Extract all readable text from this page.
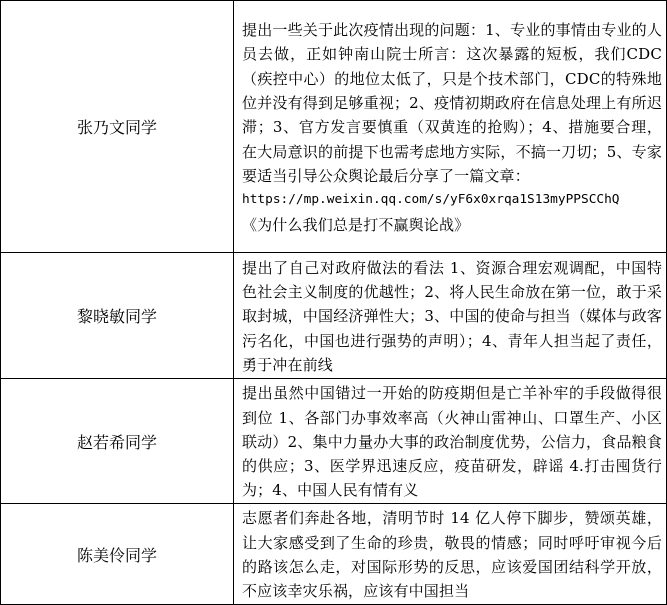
张乃文同学	提出一些关于此次疫情出现的问题：1、专业的事情由专业的人员去做，正如钟南山院士所言：这次暴露的短板，我们CDC（疾控中心）的地位太低了，只是个技术部门，CDC的特殊地位并没有得到足够重视；2、疫情初期政府在信息处理上有所迟滞；3、官方发言要慎重（双黄连的抢购）；4、措施要合理，在大局意识的前提下也需考虑地方实际，不搞一刀切；5、专家要适当引导公众舆论最后分享了一篇文章：
https://mp.weixin.qq.com/s/yF6x0xrqa1S13myPPSCChQ
《为什么我们总是打不赢舆论战》

黎晓敏同学	提出了自己对政府做法的看法 1、资源合理宏观调配，中国特色社会主义制度的优越性；2、将人民生命放在第一位，敢于采取封城，中国经济弹性大；3、中国的使命与担当（媒体与政客污名化，中国也进行强势的声明）；4、青年人担当起了责任，勇于冲在前线

赵若希同学	提出虽然中国错过一开始的防疫期但是亡羊补牢的手段做得很到位 1、各部门办事效率高（火神山雷神山、口罩生产、小区联动）2、集中力量办大事的政治制度优势，公信力，食品粮食的供应；3、医学界迅速反应，疫苗研发，辟谣 4.打击囤货行为；4、中国人民有情有义

陈美伶同学	志愿者们奔赴各地，清明节时 14 亿人停下脚步，赞颂英雄，让大家感受到了生命的珍贵，敬畏的情感；同时呼吁审视今后的路该怎么走，对国际形势的反思，应该爱国团结科学开放，不应该幸灾乐祸，应该有中国担当
